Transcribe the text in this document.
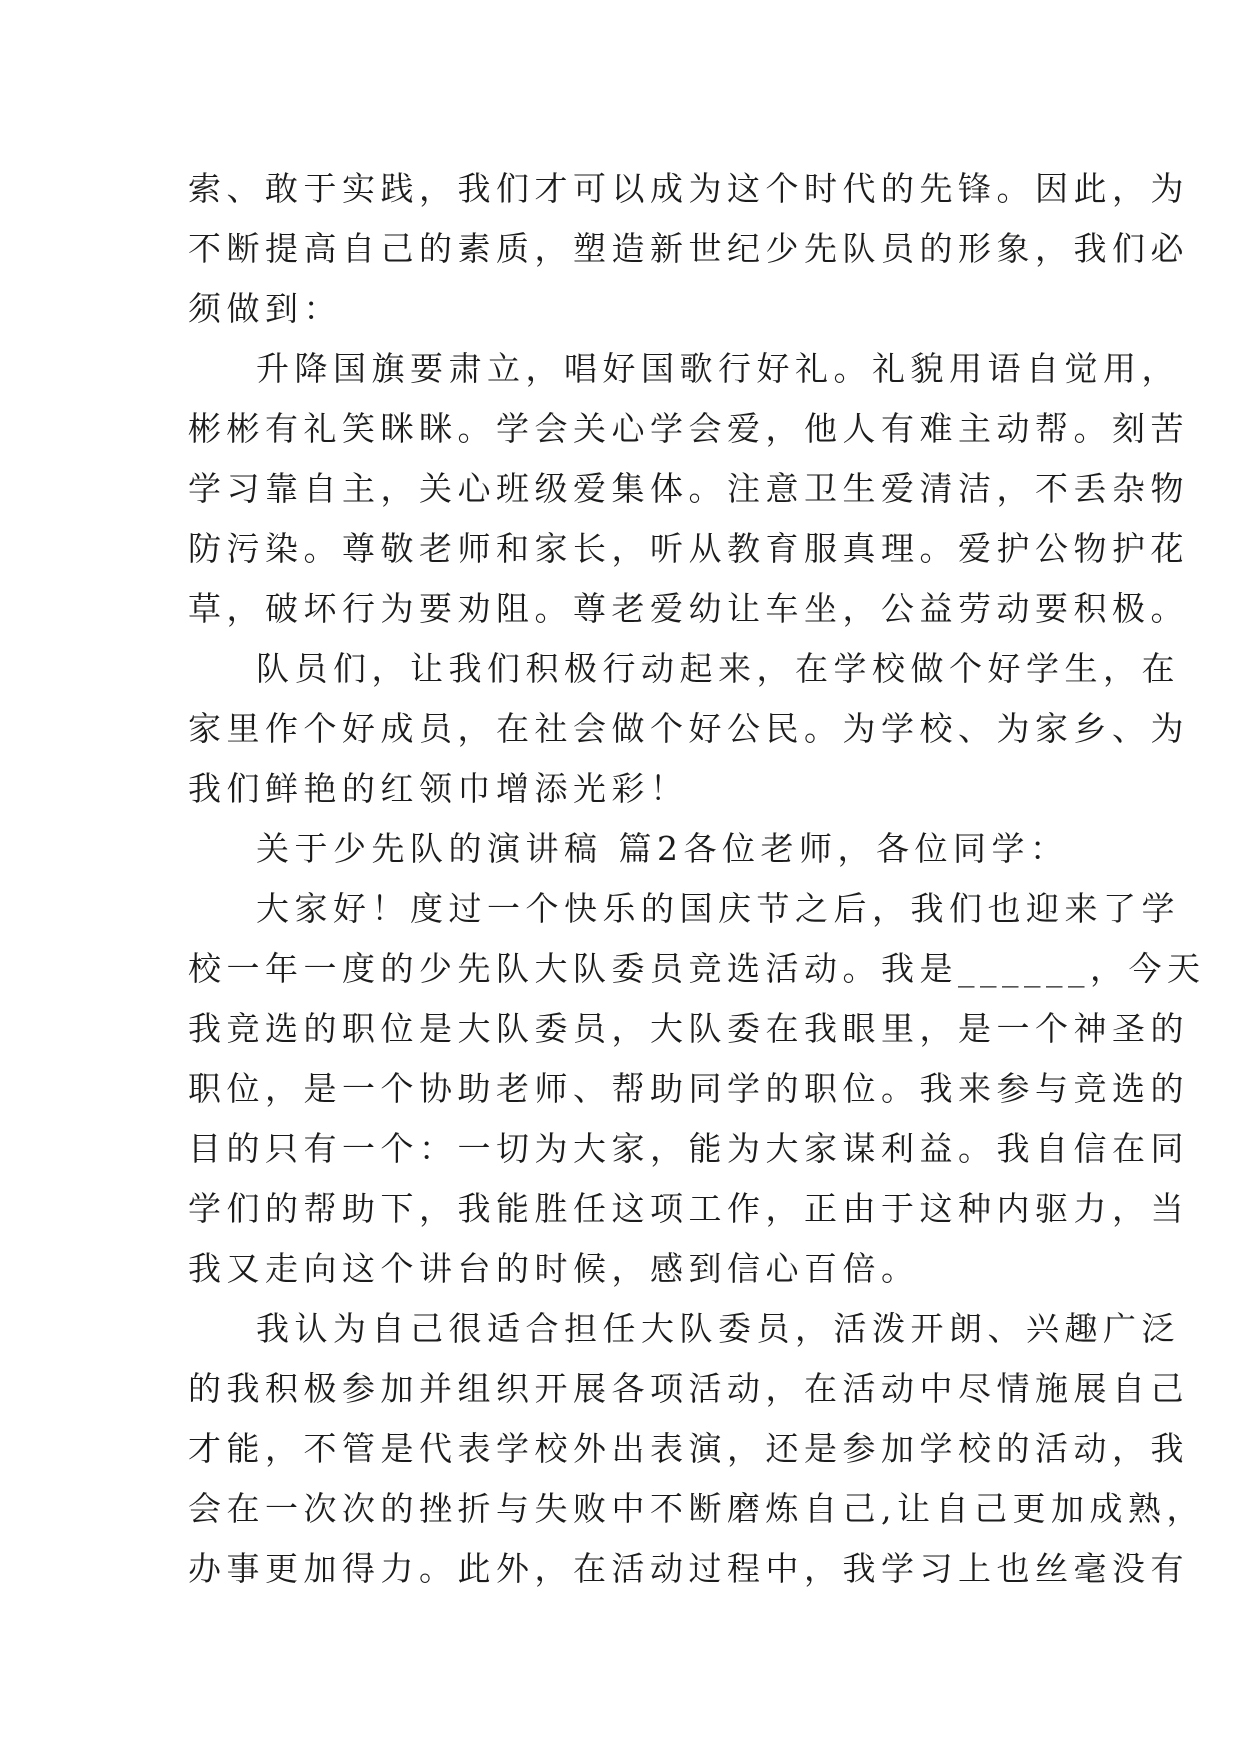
索、敢于实践，我们才可以成为这个时代的先锋。因此，为
不断提高自己的素质，塑造新世纪少先队员的形象，我们必
须做到：
升降国旗要肃立，唱好国歌行好礼。礼貌用语自觉用，
彬彬有礼笑眯眯。学会关心学会爱，他人有难主动帮。刻苦
学习靠自主，关心班级爱集体。注意卫生爱清洁，不丢杂物
防污染。尊敬老师和家长，听从教育服真理。爱护公物护花
草，破坏行为要劝阻。尊老爱幼让车坐，公益劳动要积极。
队员们，让我们积极行动起来，在学校做个好学生，在
家里作个好成员，在社会做个好公民。为学校、为家乡、为
我们鲜艳的红领巾增添光彩！
关于少先队的演讲稿 篇2各位老师，各位同学：
大家好！度过一个快乐的国庆节之后，我们也迎来了学
校一年一度的少先队大队委员竞选活动。我是______，今天
我竞选的职位是大队委员，大队委在我眼里，是一个神圣的
职位，是一个协助老师、帮助同学的职位。我来参与竞选的
目的只有一个：一切为大家，能为大家谋利益。我自信在同
学们的帮助下，我能胜任这项工作，正由于这种内驱力，当
我又走向这个讲台的时候，感到信心百倍。
我认为自己很适合担任大队委员，活泼开朗、兴趣广泛
的我积极参加并组织开展各项活动，在活动中尽情施展自己
才能，不管是代表学校外出表演，还是参加学校的活动，我
会在一次次的挫折与失败中不断磨炼自己,让自己更加成熟，
办事更加得力。此外，在活动过程中，我学习上也丝毫没有
